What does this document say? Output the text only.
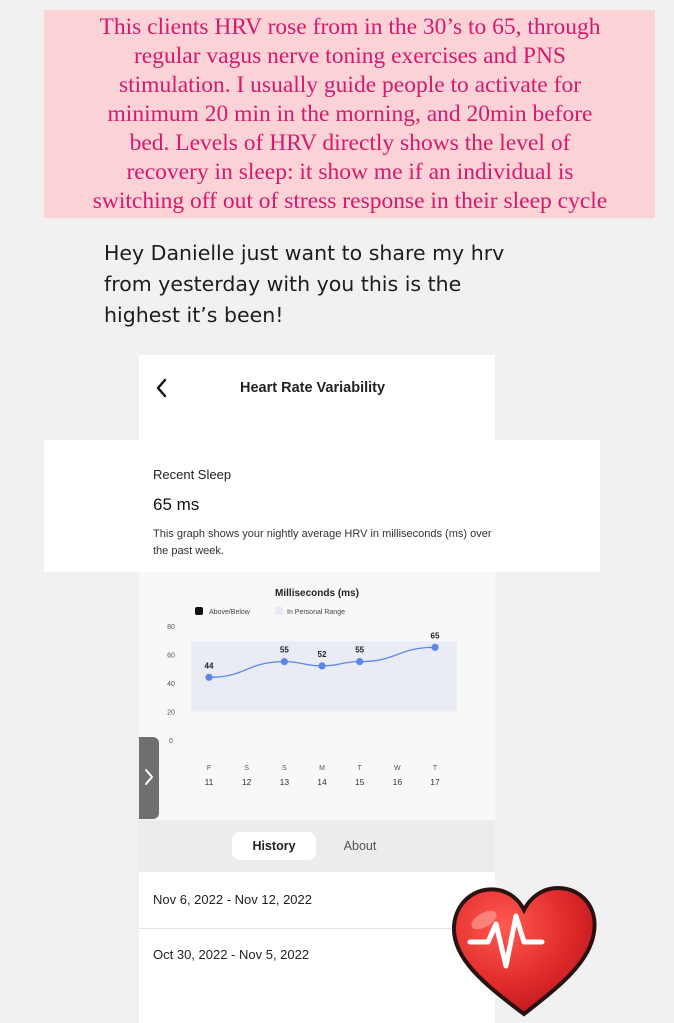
This clients HRV rose from in the 30’s to 65, through
regular vagus nerve toning exercises and PNS
stimulation. I usually guide people to activate for
minimum 20 min in the morning, and 20min before
bed. Levels of HRV directly shows the level of
recovery in sleep: it show me if an individual is
switching off out of stress response in their sleep cycle
Hey Danielle just want to share my hrv
from yesterday with you this is the
highest it’s been!
Heart Rate Variability
Recent Sleep
65 ms
This graph shows your nightly average HRV in milliseconds (ms) over the past week.
Milliseconds (ms)
Above/Below	In Personal Range
0
20
40
60
80
44
55	52	55
65
F
11
S
12
S
13
M
14
T
15
W
16
T
17
History	About
Nov 6, 2022 - Nov 12, 2022
Oct 30, 2022 - Nov 5, 2022
